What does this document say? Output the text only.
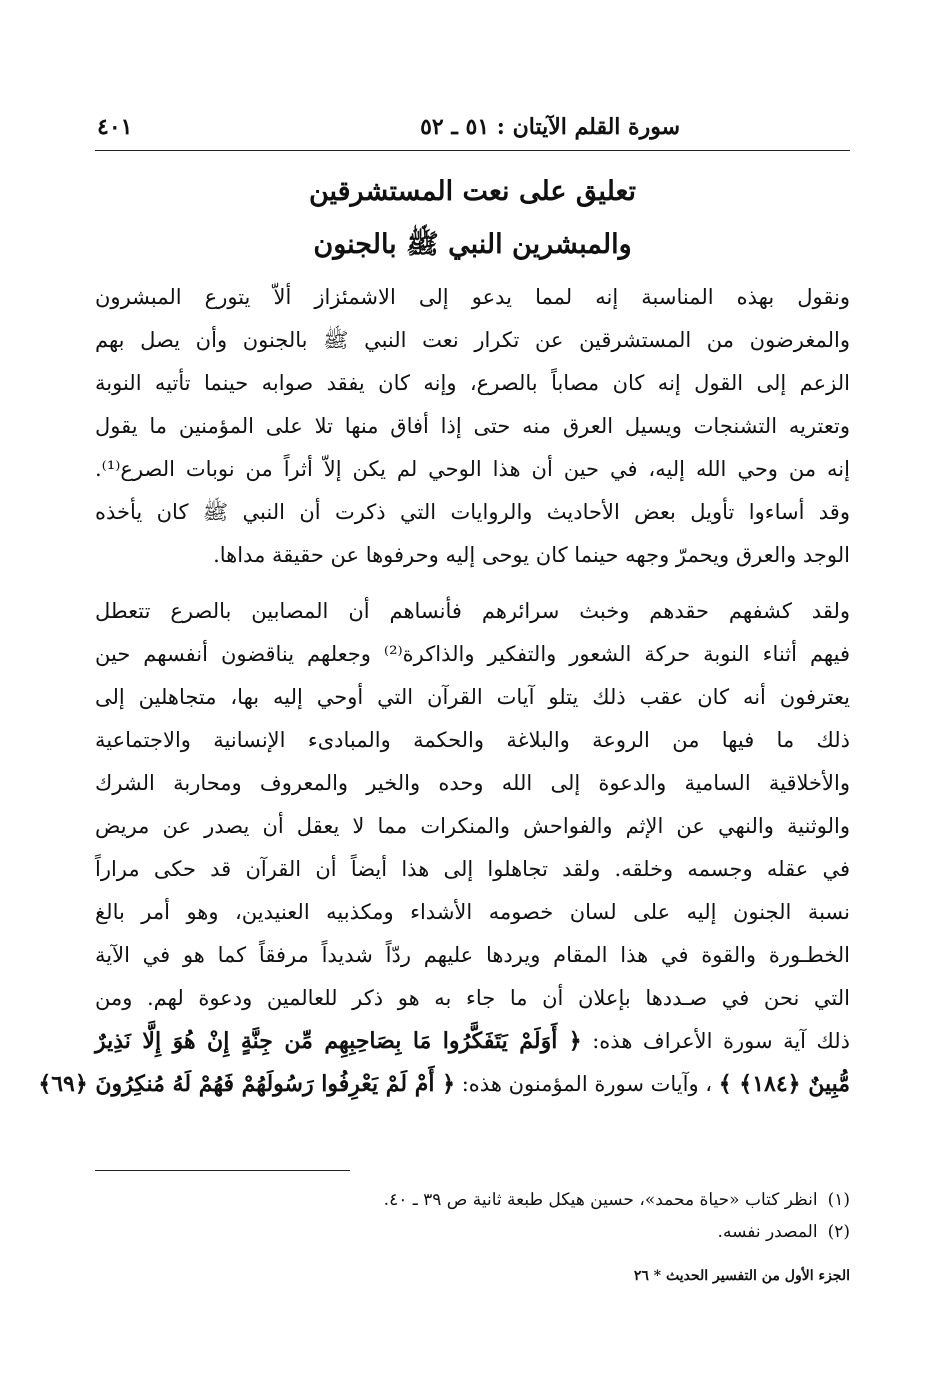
سورة القلم الآيتان : ٥١ ـ ٥٢
٤٠١
تعليق على نعت المستشرقين
والمبشرين النبي ﷺ بالجنون
ونقول بهذه المناسبة إنه لمما يدعو إلى الاشمئزاز ألاّ يتورع المبشرون
والمغرضون من المستشرقين عن تكرار نعت النبي ﷺ بالجنون وأن يصل بهم
الزعم إلى القول إنه كان مصاباً بالصرع، وإنه كان يفقد صوابه حينما تأتيه النوبة
وتعتريه التشنجات ويسيل العرق منه حتى إذا أفاق منها تلا على المؤمنين ما يقول
إنه من وحي الله إليه، في حين أن هذا الوحي لم يكن إلاّ أثراً من نوبات الصرع⁽¹⁾.
وقد أساءوا تأويل بعض الأحاديث والروايات التي ذكرت أن النبي ﷺ كان يأخذه
الوجد والعرق ويحمرّ وجهه حينما كان يوحى إليه وحرفوها عن حقيقة مداها.
ولقد كشفهم حقدهم وخبث سرائرهم فأنساهم أن المصابين بالصرع تتعطل
فيهم أثناء النوبة حركة الشعور والتفكير والذاكرة⁽²⁾ وجعلهم يناقضون أنفسهم حين
يعترفون أنه كان عقب ذلك يتلو آيات القرآن التي أوحي إليه بها، متجاهلين إلى
ذلك ما فيها من الروعة والبلاغة والحكمة والمبادىء الإنسانية والاجتماعية
والأخلاقية السامية والدعوة إلى الله وحده والخير والمعروف ومحاربة الشرك
والوثنية والنهي عن الإثم والفواحش والمنكرات مما لا يعقل أن يصدر عن مريض
في عقله وجسمه وخلقه. ولقد تجاهلوا إلى هذا أيضاً أن القرآن قد حكى مراراً
نسبة الجنون إليه على لسان خصومه الأشداء ومكذبيه العنيدين، وهو أمر بالغ
الخطـورة والقوة في هذا المقام ويردها عليهم ردّاً شديداً مرفقاً كما هو في الآية
التي نحن في صـددها بإعلان أن ما جاء به هو ذكر للعالمين ودعوة لهم. ومن
ذلك آية سورة الأعراف هذه: ﴿ أَوَلَمْ يَتَفَكَّرُوا مَا بِصَاحِبِهِم مِّن جِنَّةٍ إِنْ هُوَ إِلَّا نَذِيرٌ
مُّبِينٌ ﴿١٨٤﴾ ﴾ ، وآيات سورة المؤمنون هذه: ﴿ أَمْ لَمْ يَعْرِفُوا رَسُولَهُمْ فَهُمْ لَهُ مُنكِرُونَ ﴿٦٩﴾
(١)انظر كتاب «حياة محمد»، حسين هيكل طبعة ثانية ص ٣٩ ـ ٤٠.
(٢)المصدر نفسه.
الجزء الأول من التفسير الحديث * ٢٦
